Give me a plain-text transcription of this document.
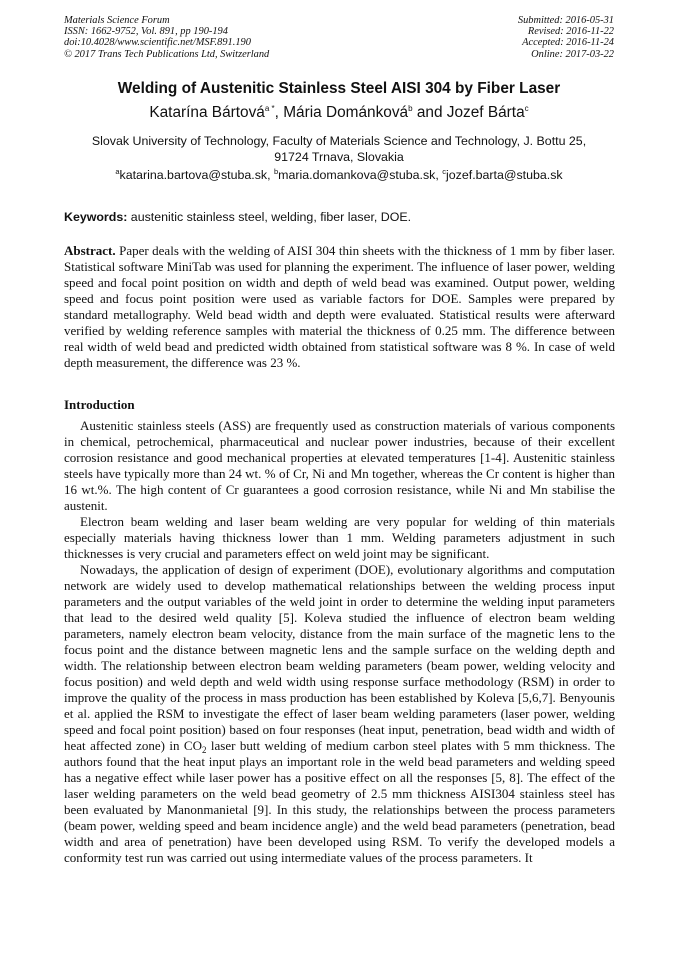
Materials Science Forum
ISSN: 1662-9752, Vol. 891, pp 190-194
doi:10.4028/www.scientific.net/MSF.891.190
© 2017 Trans Tech Publications Ltd, Switzerland
Submitted: 2016-05-31
Revised: 2016-11-22
Accepted: 2016-11-24
Online: 2017-03-22
Welding of Austenitic Stainless Steel AISI 304 by Fiber Laser
Katarína Bártová$^{a *}$, Mária Dománková$^b$ and Jozef Bárta$^c$
Slovak University of Technology, Faculty of Materials Science and Technology, J. Bottu 25,
91724 Trnava, Slovakia
$^a$katarina.bartova@stuba.sk, $^b$maria.domankova@stuba.sk, $^c$jozef.barta@stuba.sk
Keywords: austenitic stainless steel, welding, fiber laser, DOE.
Abstract. Paper deals with the welding of AISI 304 thin sheets with the thickness of 1 mm by fiber laser. Statistical software MiniTab was used for planning the experiment. The influence of laser power, welding speed and focal point position on width and depth of weld bead was examined. Output power, welding speed and focus point position were used as variable factors for DOE. Samples were prepared by standard metallography. Weld bead width and depth were evaluated. Statistical results were afterward verified by welding reference samples with material the thickness of 0.25 mm. The difference between real width of weld bead and predicted width obtained from statistical software was 8 %. In case of weld depth measurement, the difference was 23 %.
Introduction

Austenitic stainless steels (ASS) are frequently used as construction materials of various components in chemical, petrochemical, pharmaceutical and nuclear power industries, because of their excellent corrosion resistance and good mechanical properties at elevated temperatures [1-4]. Austenitic stainless steels have typically more than 24 wt. % of Cr, Ni and Mn together, whereas the Cr content is higher than 16 wt.%. The high content of Cr guarantees a good corrosion resistance, while Ni and Mn stabilise the austenit.

Electron beam welding and laser beam welding are very popular for welding of thin materials especially materials having thickness lower than 1 mm. Welding parameters adjustment in such thicknesses is very crucial and parameters effect on weld joint may be significant.

Nowadays, the application of design of experiment (DOE), evolutionary algorithms and computation network are widely used to develop mathematical relationships between the welding process input parameters and the output variables of the weld joint in order to determine the welding input parameters that lead to the desired weld quality [5]. Koleva studied the influence of electron beam welding parameters, namely electron beam velocity, distance from the main surface of the magnetic lens to the focus point and the distance between magnetic lens and the sample surface on the welding depth and width. The relationship between electron beam welding parameters (beam power, welding velocity and focus position) and weld depth and weld width using response surface methodology (RSM) in order to improve the quality of the process in mass production has been established by Koleva [5,6,7]. Benyounis et al. applied the RSM to investigate the effect of laser beam welding parameters (laser power, welding speed and focal point position) based on four responses (heat input, penetration, bead width and width of heat affected zone) in $CO_2$ laser butt welding of medium carbon steel plates with 5 mm thickness. The authors found that the heat input plays an important role in the weld bead parameters and welding speed has a negative effect while laser power has a positive effect on all the responses [5, 8]. The effect of the laser welding parameters on the weld bead geometry of 2.5 mm thickness AISI304 stainless steel has been evaluated by Manonmanietal [9]. In this study, the relationships between the process parameters (beam power, welding speed and beam incidence angle) and the weld bead parameters (penetration, bead width and area of penetration) have been developed using RSM. To verify the developed models a conformity test run was carried out using intermediate values of the process parameters. It
